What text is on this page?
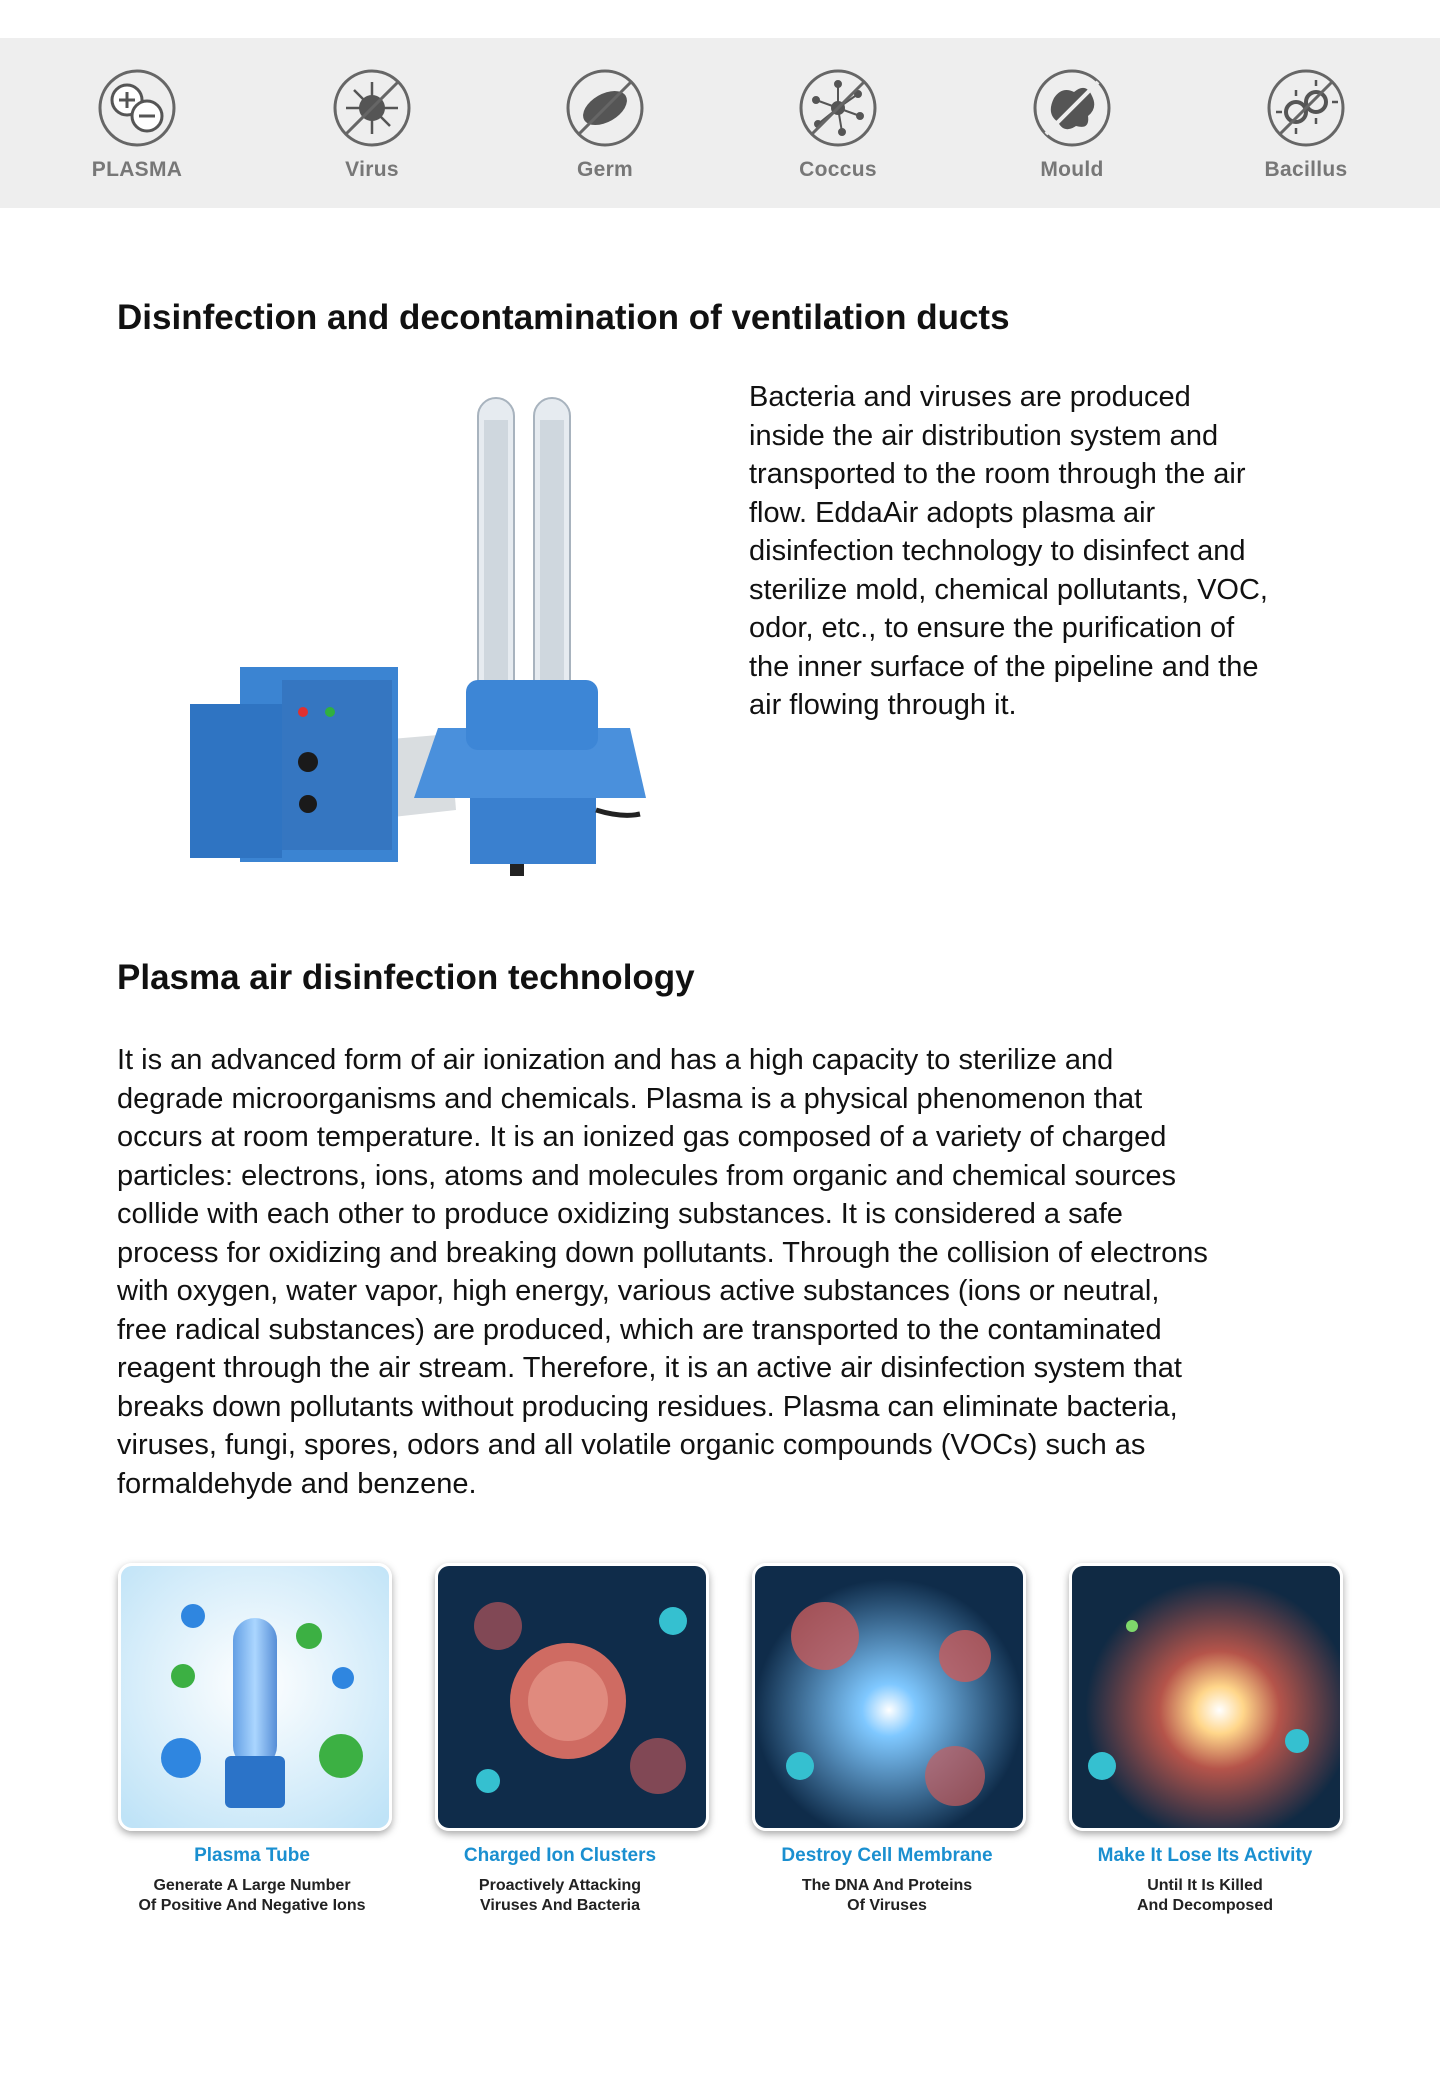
PLASMA	Virus	Germ	Coccus	Mould	Bacillus
Disinfection and decontamination of ventilation ducts

Bacteria and viruses are produced

inside the air distribution system and

transported to the room through the air

flow. EddaAir adopts plasma air

disinfection technology to disinfect and

sterilize mold, chemical pollutants, VOC,

odor, etc., to ensure the purification of

the inner surface of the pipeline and the

air flowing through it.

Plasma air disinfection technology

It is an advanced form of air ionization and has a high capacity to sterilize and

degrade microorganisms and chemicals. Plasma is a physical phenomenon that

occurs at room temperature. It is an ionized gas composed of a variety of charged

particles: electrons, ions, atoms and molecules from organic and chemical sources

collide with each other to produce oxidizing substances. It is considered a safe

process for oxidizing and breaking down pollutants. Through the collision of electrons

with oxygen, water vapor, high energy, various active substances (ions or neutral,

free radical substances) are produced, which are transported to the contaminated

reagent through the air stream. Therefore, it is an active air disinfection system that

breaks down pollutants without producing residues. Plasma can eliminate bacteria,

viruses, fungi, spores, odors and all volatile organic compounds (VOCs) such as

formaldehyde and benzene.

Plasma Tube
Generate A Large Number
Of Positive And Negative Ions
Charged Ion Clusters
Proactively Attacking
Viruses And Bacteria
Destroy Cell Membrane
The DNA And Proteins
Of Viruses
Make It Lose Its Activity
Until It Is Killed
And Decomposed
